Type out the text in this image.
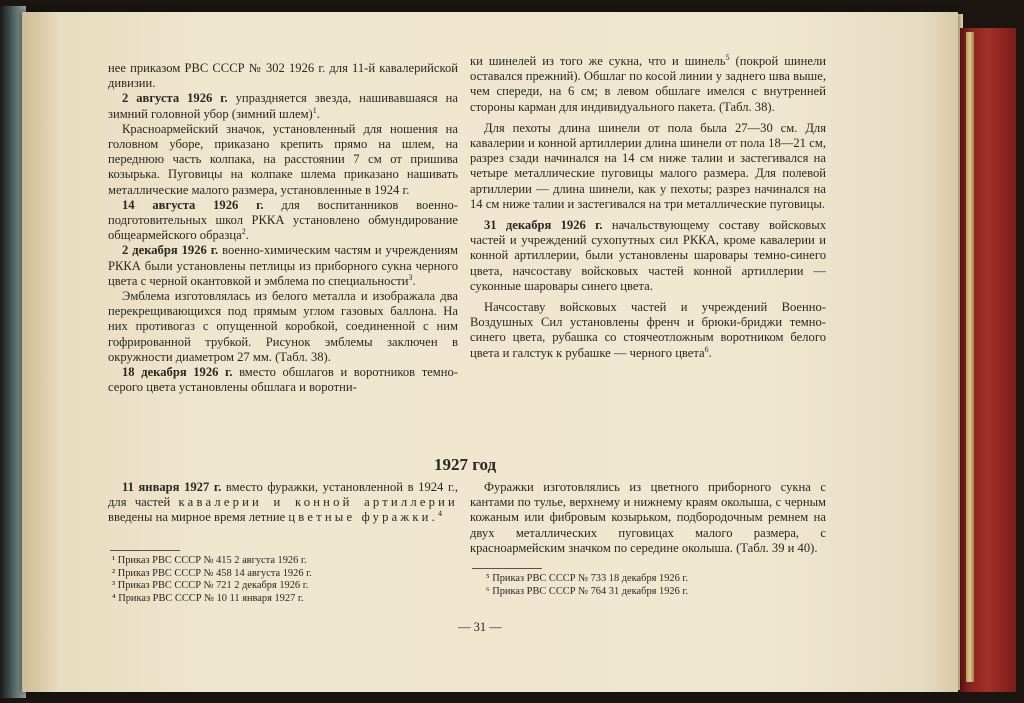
нее приказом РВС СССР № 302 1926 г. для 11-й кавалерийской дивизии.

2 августа 1926 г. упраздняется звезда, нашивавшаяся на зимний головной убор (зимний шлем)$^1$.

Красноармейский значок, установленный для ношения на головном уборе, приказано крепить прямо на шлем, на переднюю часть колпака, на расстоянии 7 см от пришива козырька. Пуговицы на колпаке шлема приказано нашивать металлические малого размера, установленные в 1924 г.

14 августа 1926 г. для воспитанников военно-подготовительных школ РККА установлено обмундирование общеармейского образца$^2$.

2 декабря 1926 г. военно-химическим частям и учреждениям РККА были установлены петлицы из приборного сукна черного цвета с черной окантовкой и эмблема по специальности$^3$.

Эмблема изготовлялась из белого металла и изображала два перекрещивающихся под прямым углом газовых баллона. На них противогаз с опущенной коробкой, соединенной с ним гофрированной трубкой. Рисунок эмблемы заключен в окружности диаметром 27 мм. (Табл. 38).

18 декабря 1926 г. вместо обшлагов и воротников темно-серого цвета установлены обшлага и воротни-

ки шинелей из того же сукна, что и шинель$^5$ (покрой шинели оставался прежний). Обшлаг по косой линии у заднего шва выше, чем спереди, на 6 см; в левом обшлаге имелся с внутренней стороны карман для индивидуального пакета. (Табл. 38).

Для пехоты длина шинели от пола была 27—30 см. Для кавалерии и конной артиллерии длина шинели от пола 18—21 см, разрез сзади начинался на 14 см ниже талии и застегивался на четыре металлические пуговицы малого размера. Для полевой артиллерии — длина шинели, как у пехоты; разрез начинался на 14 см ниже талии и застегивался на три металлические пуговицы.

31 декабря 1926 г. начальствующему составу войсковых частей и учреждений сухопутных сил РККА, кроме кавалерии и конной артиллерии, были установлены шаровары темно-синего цвета, начсоставу войсковых частей конной артиллерии — суконные шаровары синего цвета.

Начсоставу войсковых частей и учреждений Военно-Воздушных Сил установлены френч и брюки-бриджи темно-синего цвета, рубашка со стоячеотложным воротником белого цвета и галстук к рубашке — черного цвета$^6$.

1927 год

11 января 1927 г. вместо фуражки, установленной в 1924 г., для частей кавалерии и конной артиллерии введены на мирное время летние цветные фуражки.$^4$

Фуражки изготовлялись из цветного приборного сукна с кантами по тулье, верхнему и нижнему краям околыша, с черным кожаным или фибровым козырьком, подбородочным ремнем на двух металлических пуговицах малого размера, с красноармейским значком по середине околыша. (Табл. 39 и 40).

¹ Приказ РВС СССР № 415 2 августа 1926 г.
² Приказ РВС СССР № 458 14 августа 1926 г.
³ Приказ РВС СССР № 721 2 декабря 1926 г.
⁴ Приказ РВС СССР № 10 11 января 1927 г.
⁵ Приказ РВС СССР № 733 18 декабря 1926 г.
⁶ Приказ РВС СССР № 764 31 декабря 1926 г.
— 31 —
